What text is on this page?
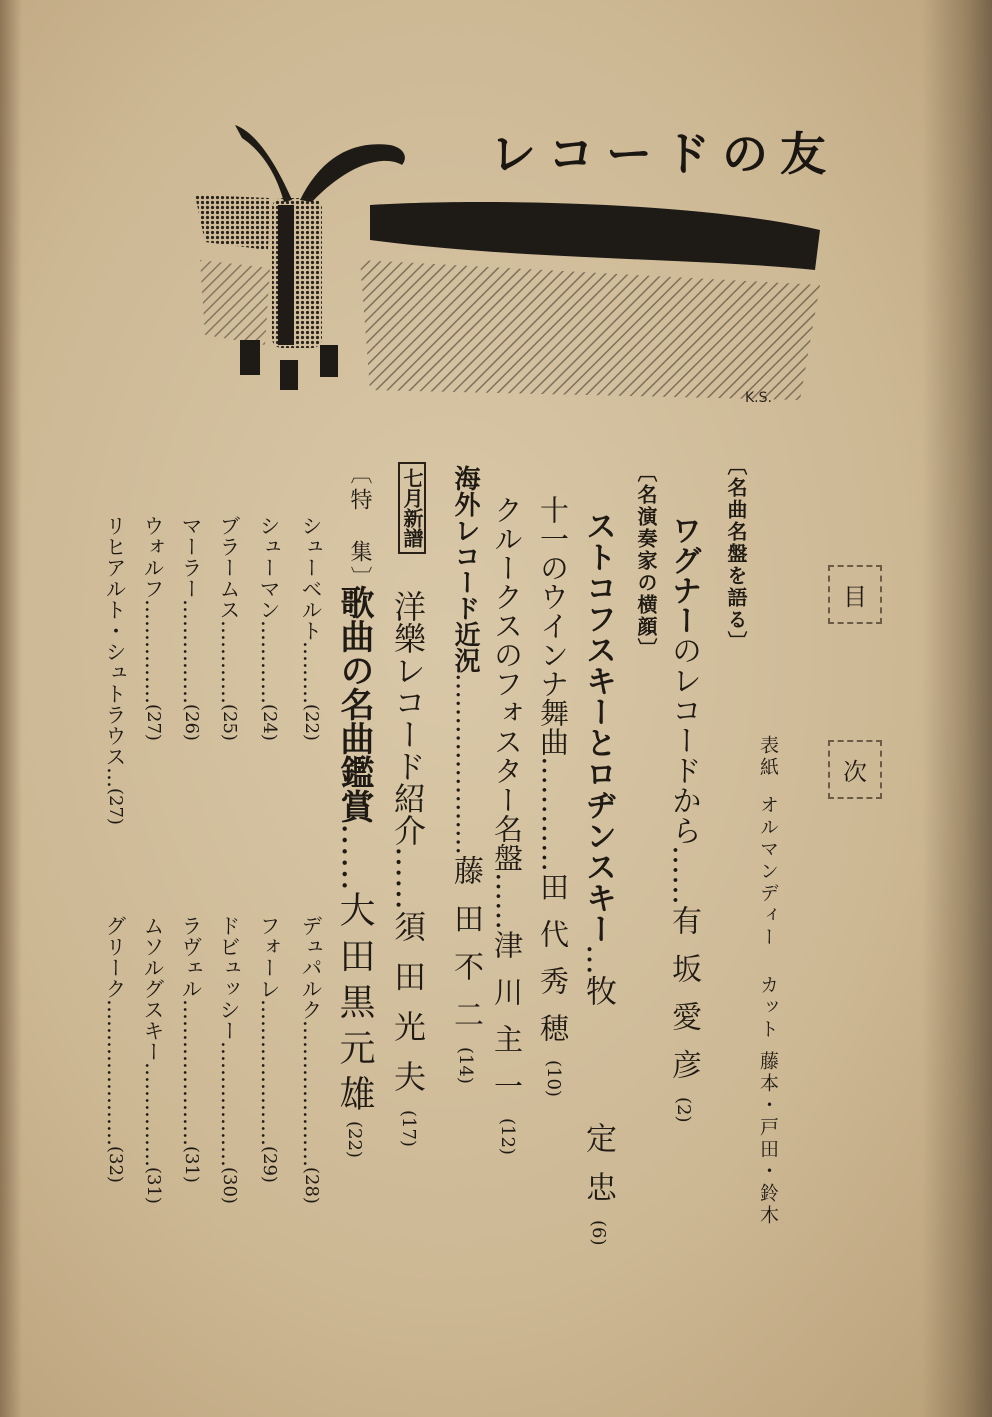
レコードの友
K.S.
目
次
表紙オルマンディーカット藤本・戸田・鈴木
〔名曲名盤を語る〕
ワグナーのレコードから……有坂愛彦(2)
〔名演奏家の横顔〕
ストコフスキーとロヂンスキー…牧　　定忠(6)
十一のウインナ舞曲…………田代秀穂(10)
クルークスのフォスター名盤……津川主一(12)
海外レコード近況…………………藤田不二(14)
七月新譜
洋樂レコード紹介……須田光夫(17)
〔特　集〕
歌曲の名曲鑑賞……大田黒元雄(22)
シューベルト………(22)
シューマン…………(24)
ブラームス…………(25)
マーラー……………(26)
ウォルフ……………(27)
リヒアルト・シュトラウス…(27)
デュパルク…………………(28)
フォーレ…………………(29)
ドビュッシー………………(30)
ラヴェル…………………(31)
ムソルグスキー……………(31)
グリーク…………………(32)
